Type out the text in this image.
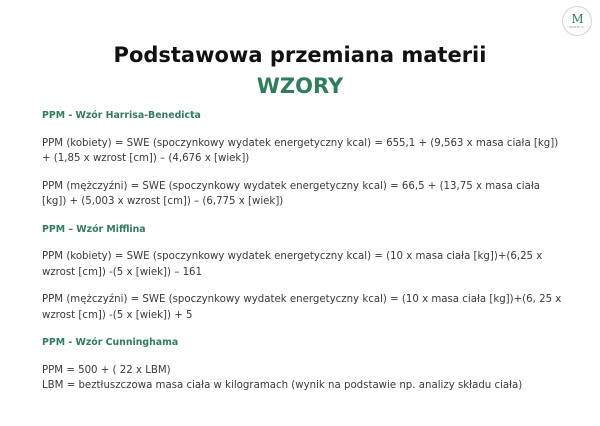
M
MARTA A.
Podstawowa przemiana materii
WZORY
PPM - Wzór Harrisa-Benedicta
PPM (kobiety) = SWE (spoczynkowy wydatek energetyczny kcal) = 655,1 + (9,563 x masa ciała [kg]) + (1,85 x wzrost [cm]) – (4,676 x [wiek])
PPM (mężczyźni) = SWE (spoczynkowy wydatek energetyczny kcal) = 66,5 + (13,75 x masa ciała [kg]) + (5,003 x wzrost [cm]) – (6,775 x [wiek])
PPM – Wzór Mifflina
PPM (kobiety) = SWE (spoczynkowy wydatek energetyczny kcal) = (10 x masa ciała [kg])+(6,25 x wzrost [cm]) -(5 x [wiek]) – 161
PPM (mężczyźni) = SWE (spoczynkowy wydatek energetyczny kcal) = (10 x masa ciała [kg])+(6, 25 x wzrost [cm]) -(5 x [wiek]) + 5
PPM - Wzór Cunninghama
PPM = 500 + ( 22 x LBM)
LBM = beztłuszczowa masa ciała w kilogramach (wynik na podstawie np. analizy składu ciała)
